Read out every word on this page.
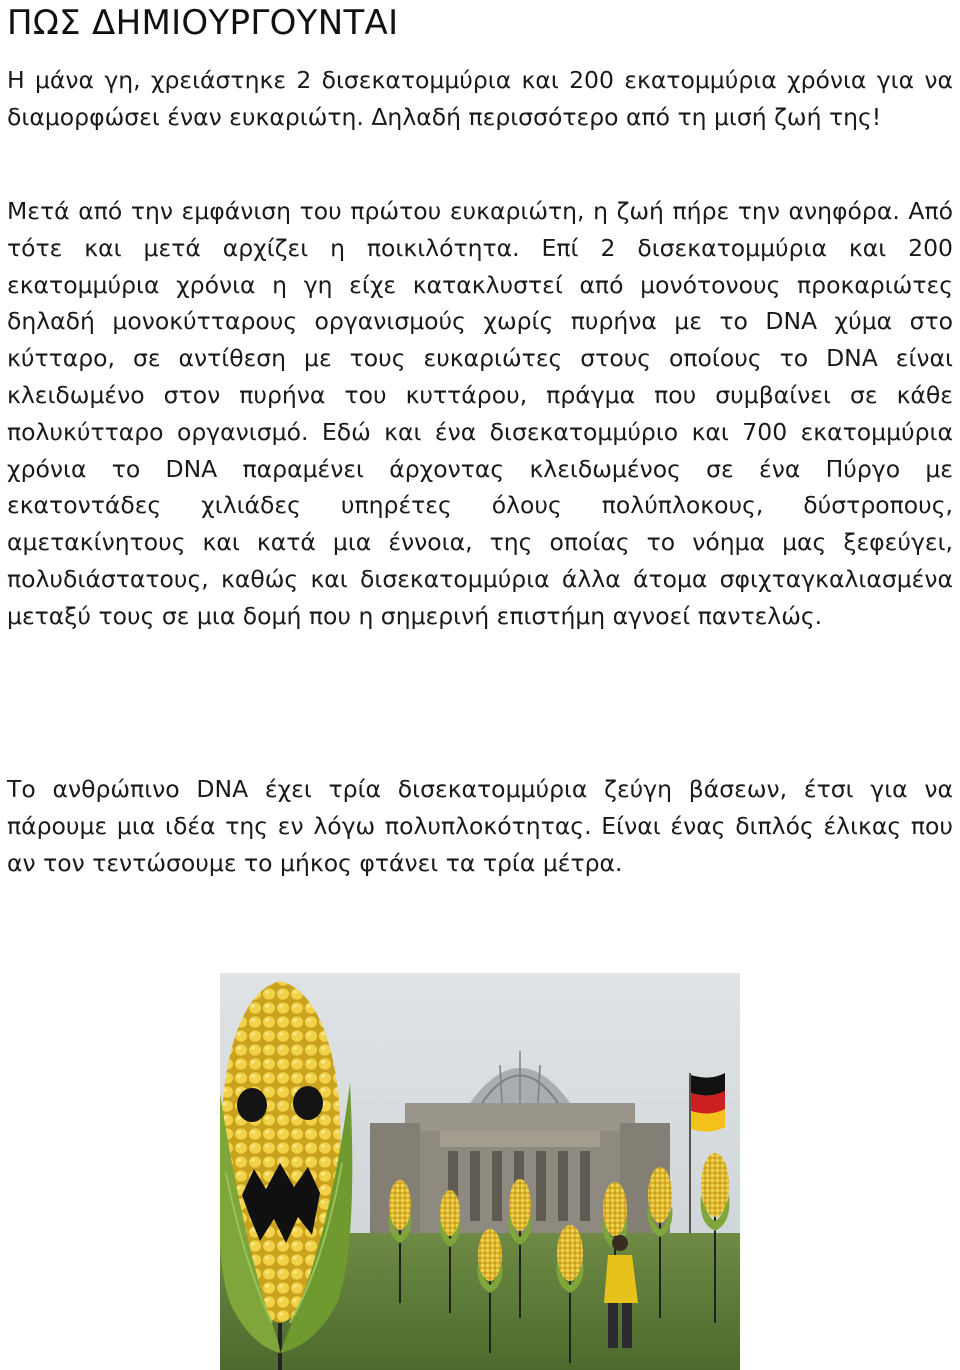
ΠΩΣ ΔΗΜΙΟΥΡΓΟΥΝΤΑΙ

Η μάνα γη, χρειάστηκε 2 δισεκατομμύρια και 200 εκατομμύρια χρόνια για να διαμορφώσει έναν ευκαριώτη. Δηλαδή περισσότερο από τη μισή ζωή της!

Μετά από την εμφάνιση του πρώτου ευκαριώτη, η ζωή πήρε την ανηφόρα. Από τότε και μετά αρχίζει η ποικιλότητα. Επί 2 δισεκατομμύρια και 200 εκατομμύρια χρόνια η γη είχε κατακλυστεί από μονότονους προκαριώτες δηλαδή μονοκύτταρους οργανισμούς χωρίς πυρήνα με το DNA χύμα στο κύτταρο, σε αντίθεση με τους ευκαριώτες στους οποίους το DNA είναι κλειδωμένο στον πυρήνα του κυττάρου, πράγμα που συμβαίνει σε κάθε πολυκύτταρο οργανισμό. Εδώ και ένα δισεκατομμύριο και 700 εκατομμύρια χρόνια το DNA παραμένει άρχοντας κλειδωμένος σε ένα Πύργο με εκατοντάδες χιλιάδες υπηρέτες όλους πολύπλοκους, δύστροπους, αμετακίνητους και κατά μια έννοια, της οποίας το νόημα μας ξεφεύγει, πολυδιάστατους, καθώς και δισεκατομμύρια άλλα άτομα σφιχταγκαλιασμένα μεταξύ τους σε μια δομή που η σημερινή επιστήμη αγνοεί παντελώς.

Το ανθρώπινο DNA έχει τρία δισεκατομμύρια ζεύγη βάσεων, έτσι για να πάρουμε μια ιδέα της εν λόγω πολυπλοκότητας. Είναι ένας διπλός έλικας που αν τον τεντώσουμε το μήκος φτάνει τα τρία μέτρα.
